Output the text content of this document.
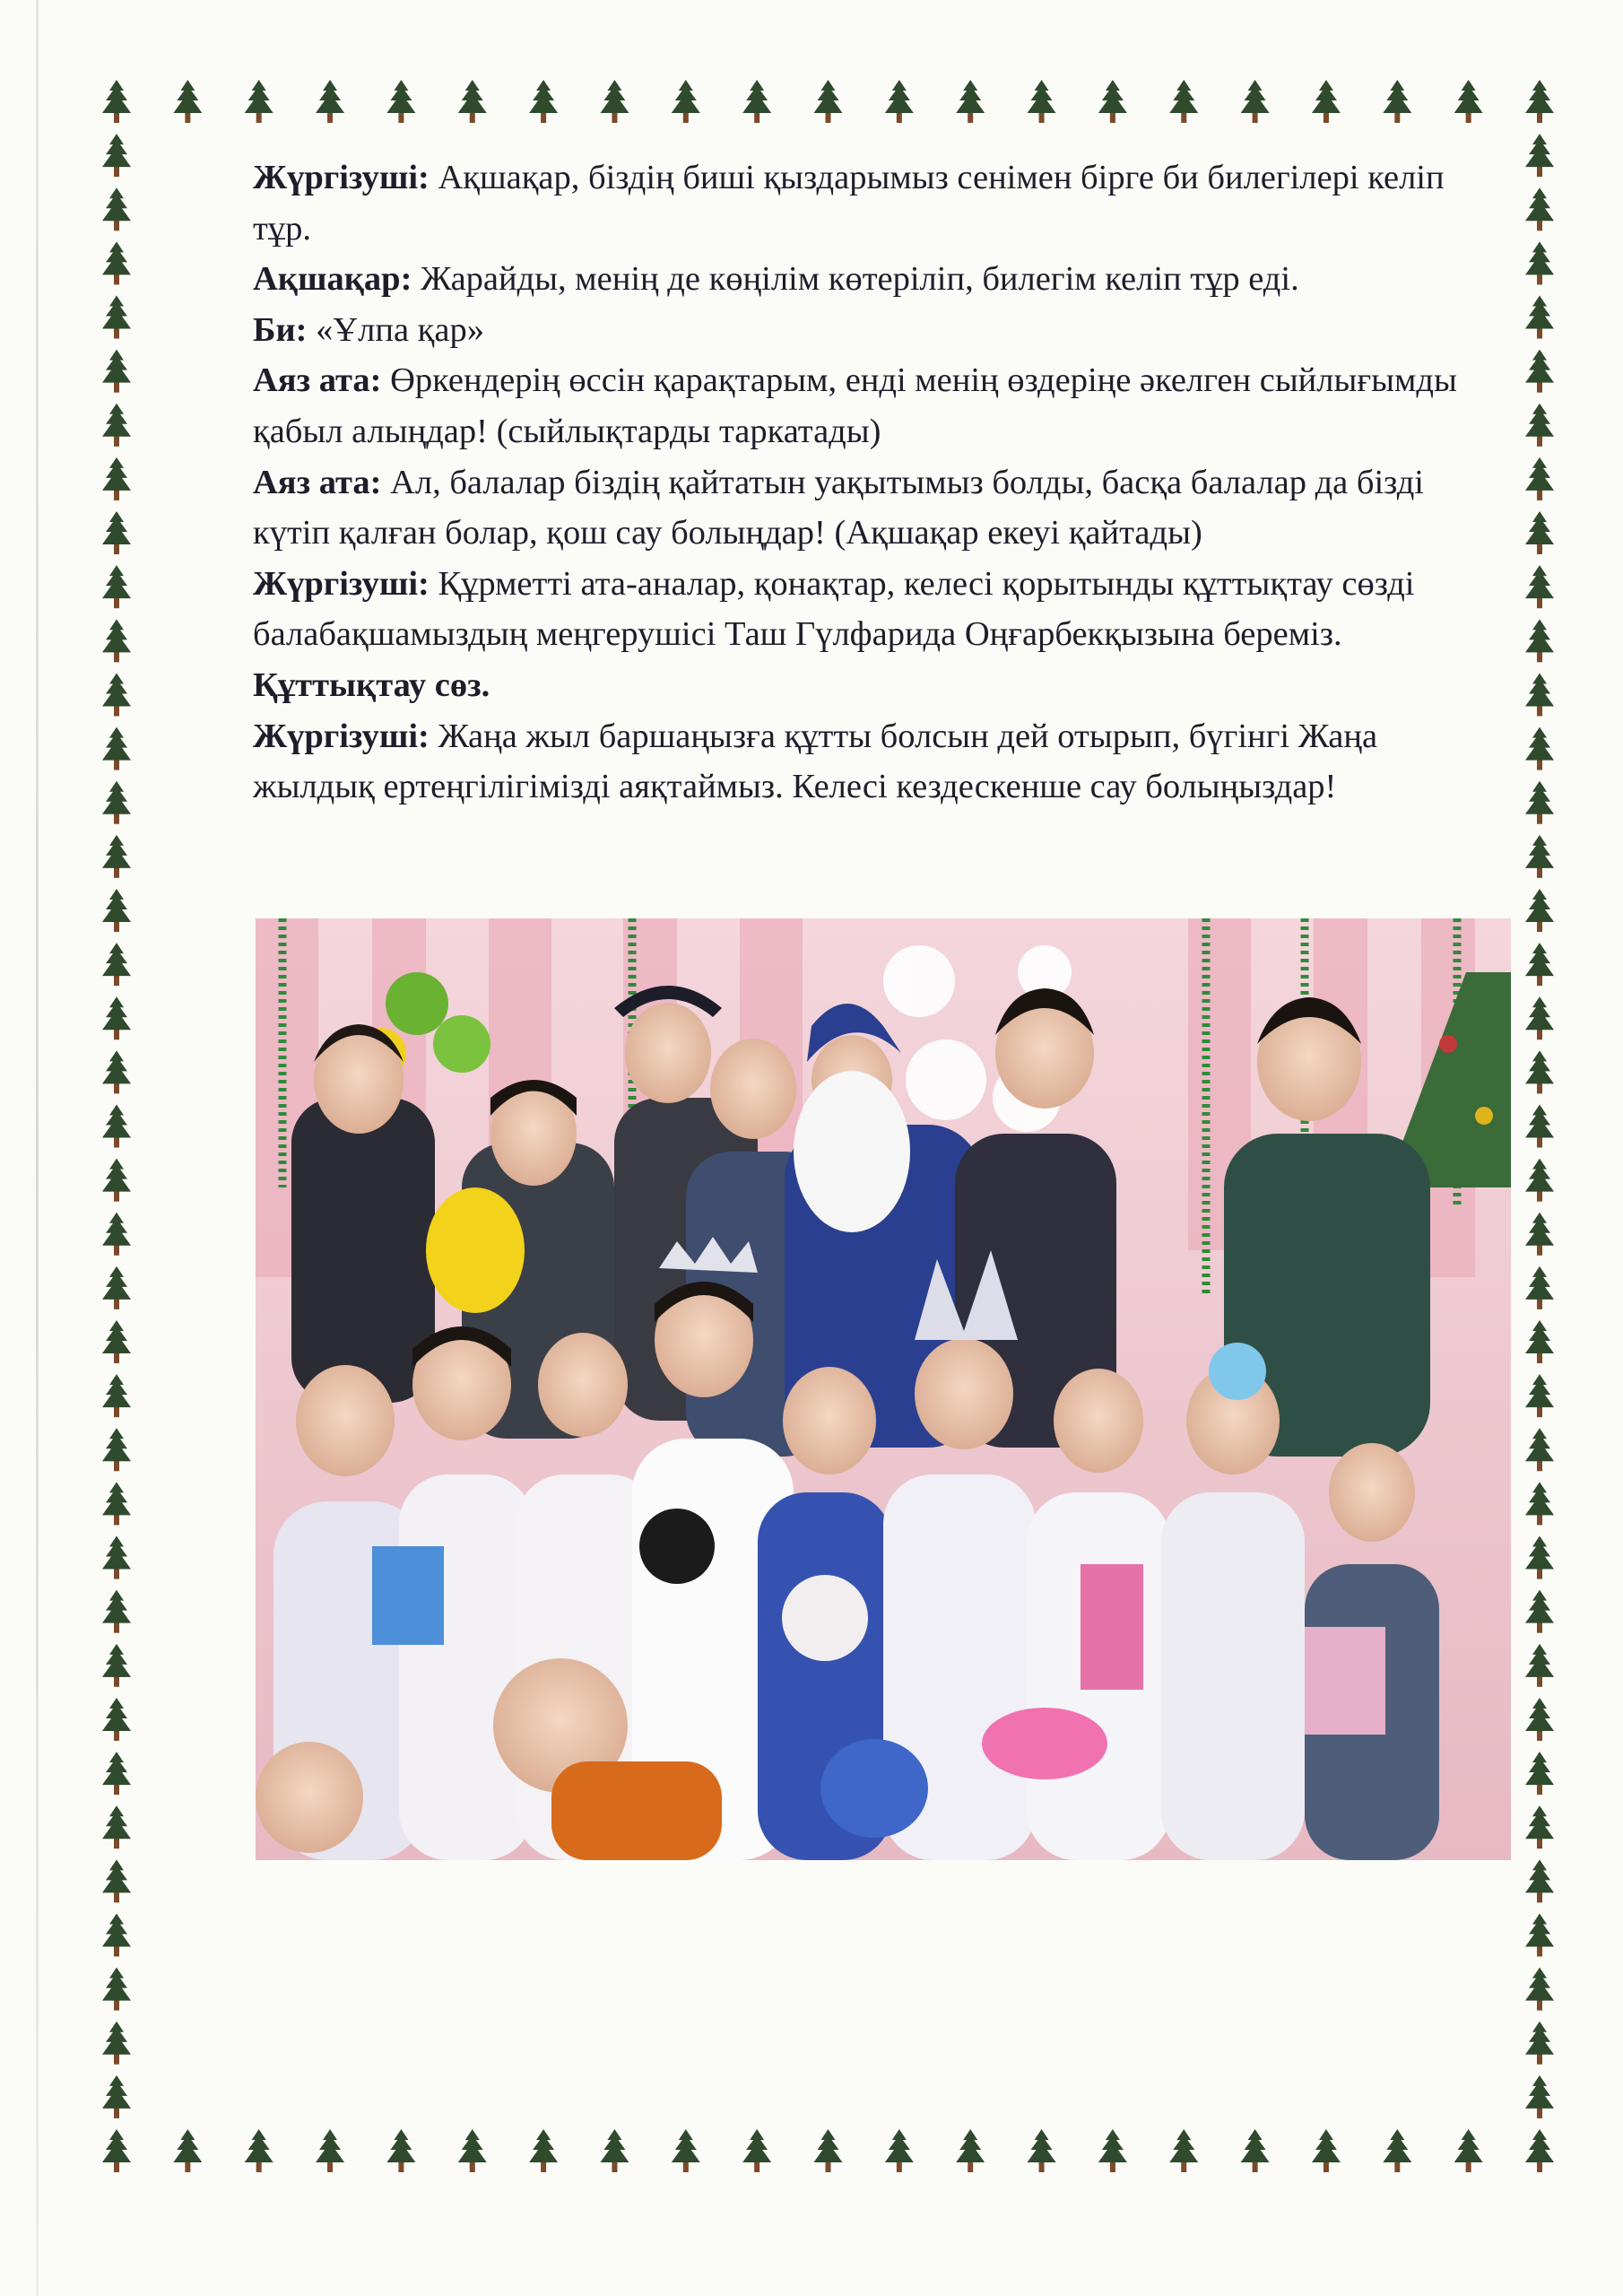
Жүргізуші: Ақшақар, біздің биші қыздарымыз сенімен бірге би билегілері келіп тұр.

Ақшақар: Жарайды, менің де көңілім көтеріліп, билегім келіп тұр еді.

Би: «Ұлпа қар»

Аяз ата: Өркендерің өссін қарақтарым, енді менің өздеріңе әкелген сыйлығымды қабыл алыңдар! (сыйлықтарды таркатады)

Аяз ата: Ал, балалар біздің қайтатын уақытымыз болды, басқа балалар да бізді күтіп қалған болар, қош сау болыңдар! (Ақшақар екеуі қайтады)

Жүргізуші: Құрметті ата-аналар, қонақтар, келесі қорытынды құттықтау сөзді балабақшамыздың меңгерушісі Таш Гүлфарида Оңғарбекқызына береміз.

Құттықтау сөз.

Жүргізуші: Жаңа жыл баршаңызға құтты болсын дей отырып, бүгінгі Жаңа жылдық ертеңгілігімізді аяқтаймыз. Келесі кездескенше сау болыңыздар!
